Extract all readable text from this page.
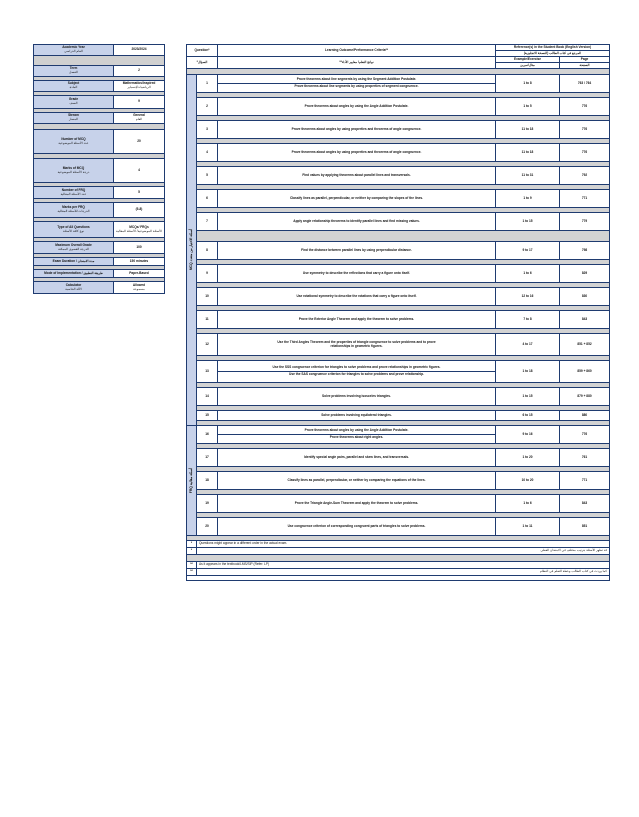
Academic Year
العام الدراسي	2023/2024

Term
الفصل	2

Subject
المادة	Mathematics/Inspired
الرياضيات/إنسباير

Grade
الصف	9

Stream
المسار	General
العام

Number of MCQ
عدد الأسئلة الموضوعية	20

Marks of MCQ
درجة الأسئلة الموضوعية	4

Number of FRQ
عدد الأسئلة المقالية	5

Marks per FRQ
الدرجات للأسئلة المقالية	(5-8)

Type of All Questions
نوع كافة الأسئلة	MCQs/ FRQs
الأسئلة الموضوعية/ الأسئلة المقالية

Maximum Overall Grade
الدرجة القصوى الممكنة	100

Exam Duration / مدة الامتحان	150 minutes

Mode of Implementation / طريقة التطبيق	Paper-Based

Calculator
الآلة الحاسبة	Allowed
مسموحة
Question*		Learning Outcome/Performance Criteria**	Reference(s) in the Student Book (English Version)	
			المرجع في كتاب الطالب (النسخة الانجليزية)	
*السؤال		**نواتج التعلم/ معايير الأداء	Example/Exercise	Page
			مثال/تمرين	الصفحة

MCQ أسئلة الاختيار من متعدد	1	Prove theorems about line segments by using the Segment Addition Postulate.
Prove theorems about line segments by using properties of segment congruence.	1 to 8	763 / 764

	2	Prove theorems about angles by using the Angle Addition Postulate.	1 to 5	776

	3	Prove theorems about angles by using properties and theorems of angle congruence.	11 to 18	776

	4	Prove theorems about angles by using properties and theorems of angle congruence.	11 to 18	776

	5	Find values by applying theorems about parallel lines and transversals.	11 to 31	792

	6	Classify lines as parallel, perpendicular, or neither by comparing the slopes of the lines.	1 to 9	771

	7	Apply angle relationship theorems to identify parallel lines and find missing values.	1 to 15	779

	8	Find the distance between parallel lines by using perpendicular distance.	9 to 17	798

	9	Use symmetry to describe the reflections that carry a figure onto itself.	1 to 6	829

	10	Use rotational symmetry to describe the rotations that carry a figure onto itself.	12 to 16	830

	11	Prove the Exterior Angle Theorem and apply the theorem to solve problems.	7 to 8	843

	12	Use the Third Angles Theorem and the properties of triangle congruence to solve problems and to prove
relationships in geometric figures.	4 to 17	851 + 852

	13	Use the SSS congruence criterion for triangles to solve problems and prove relationships in geometric figures.
Use the SAS congruence criterion for triangles to solve problems and prove relationship.	1 to 18	859 + 860

	14	Solve problems involving isosceles triangles.	1 to 15	879 + 880

	15	Solve problems involving equilateral triangles.	6 to 15	880

FRQ أسئلة مقالية	16	Prove theorems about angles by using the Angle Addition Postulate.
Prove theorems about right angles.	9 to 16	776

	17	Identify special angle pairs, parallel and skew lines, and transversals.	1 to 20	761

	18	Classify lines as parallel, perpendicular, or neither by comparing the equations of the lines.	10 to 20	771

	19	Prove the Triangle Angle-Sum Theorem and apply the theorem to solve problems.	1 to 6	843

	20	Use congruence criterion of corresponding congruent parts of triangles to solve problems.	1 to 11	851

*	Questions might appear in a different order in the actual exam.			
*	قد تظهر الأسئلة بترتيب مختلف في الامتحان الفعلي			

**	As it appears in the textbook/LMS/SIP (Refer: LP)			
**	كما وردت في كتاب الطالب وخطة التعلم في النظام			
